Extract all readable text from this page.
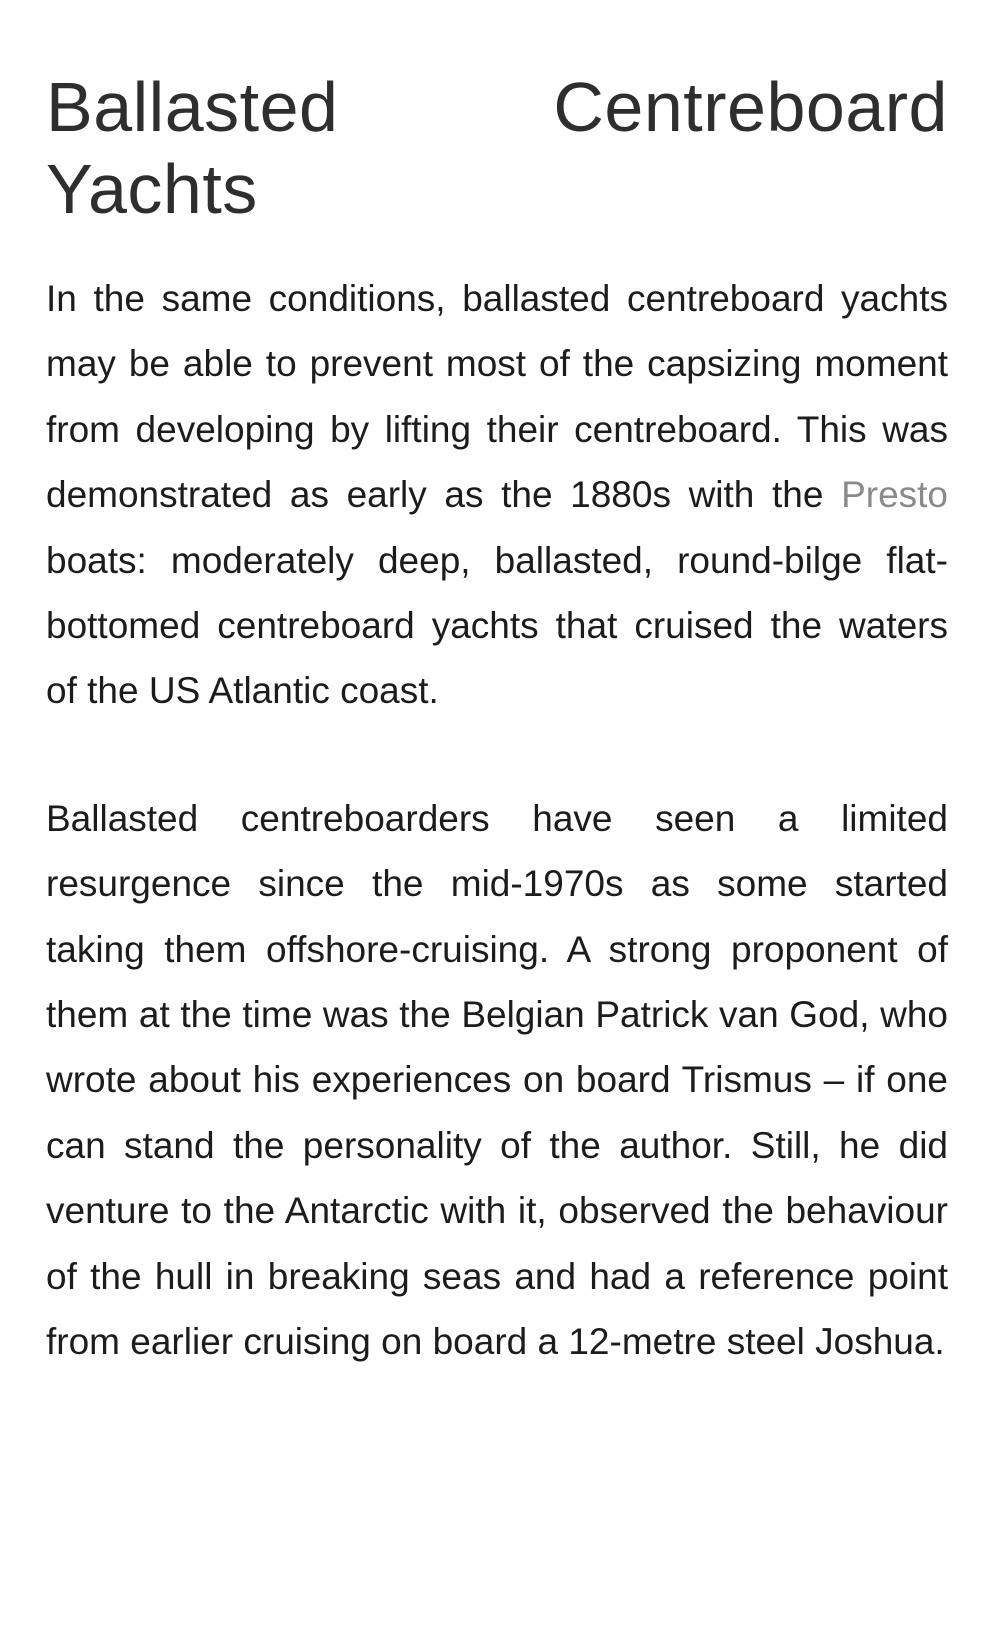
Ballasted Centreboard Yachts

In the same conditions, ballasted centreboard yachts may be able to prevent most of the capsizing moment from developing by lifting their centreboard. This was demonstrated as early as the 1880s with the Presto boats: moderately deep, ballasted, round-bilge flat-bottomed centreboard yachts that cruised the waters of the US Atlantic coast.

Ballasted centreboarders have seen a limited resurgence since the mid-1970s as some started taking them offshore-cruising. A strong proponent of them at the time was the Belgian Patrick van God, who wrote about his experiences on board Trismus – if one can stand the personality of the author. Still, he did venture to the Antarctic with it, observed the behaviour of the hull in breaking seas and had a reference point from earlier cruising on board a 12-metre steel Joshua.
